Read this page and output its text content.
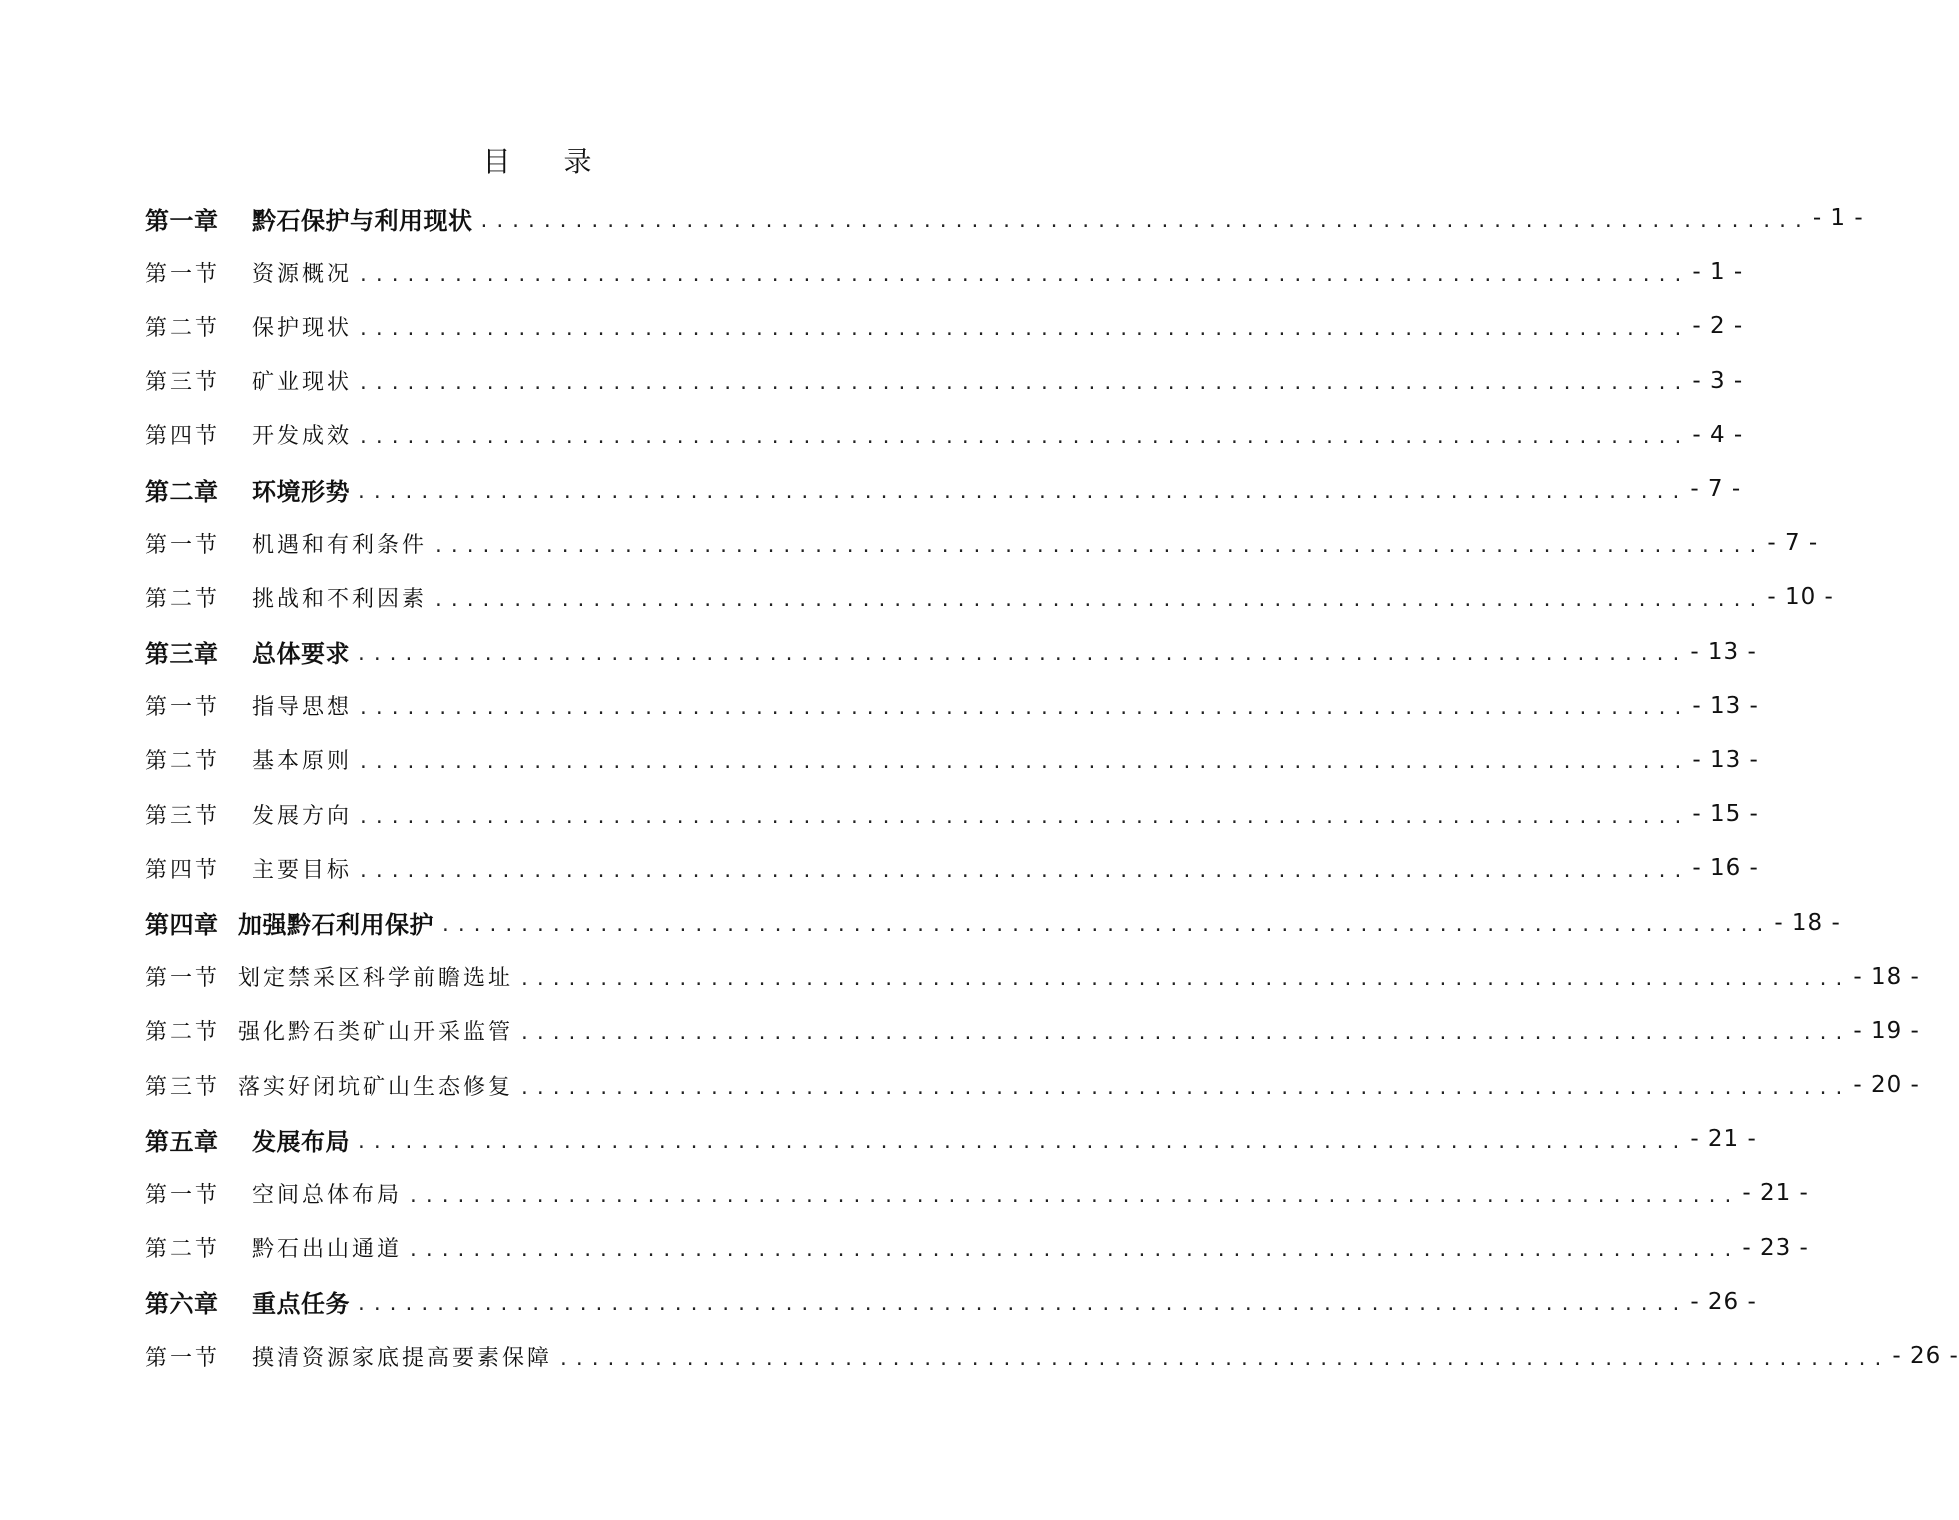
目 录
第一章	黔石保护与利用现状 .................................................................................... - 1 -
第一节	资源概况 .................................................................................... - 1 -
第二节	保护现状 .................................................................................... - 2 -
第三节	矿业现状 .................................................................................... - 3 -
第四节	开发成效 .................................................................................... - 4 -
第二章	环境形势 .................................................................................... - 7 -
第一节	机遇和有利条件 .................................................................................... - 7 -
第二节	挑战和不利因素 .................................................................................... - 10 -
第三章	总体要求 .................................................................................... - 13 -
第一节	指导思想 .................................................................................... - 13 -
第二节	基本原则 .................................................................................... - 13 -
第三节	发展方向 .................................................................................... - 15 -
第四节	主要目标 .................................................................................... - 16 -
第四章 加强黔石利用保护 .................................................................................... - 18 -
第一节 划定禁采区科学前瞻选址 .................................................................................... - 18 -
第二节 强化黔石类矿山开采监管 .................................................................................... - 19 -
第三节 落实好闭坑矿山生态修复 .................................................................................... - 20 -
第五章	发展布局 .................................................................................... - 21 -
第一节	空间总体布局 .................................................................................... - 21 -
第二节	黔石出山通道 .................................................................................... - 23 -
第六章	重点任务 .................................................................................... - 26 -
第一节	摸清资源家底提高要素保障 .................................................................................... - 26 -
